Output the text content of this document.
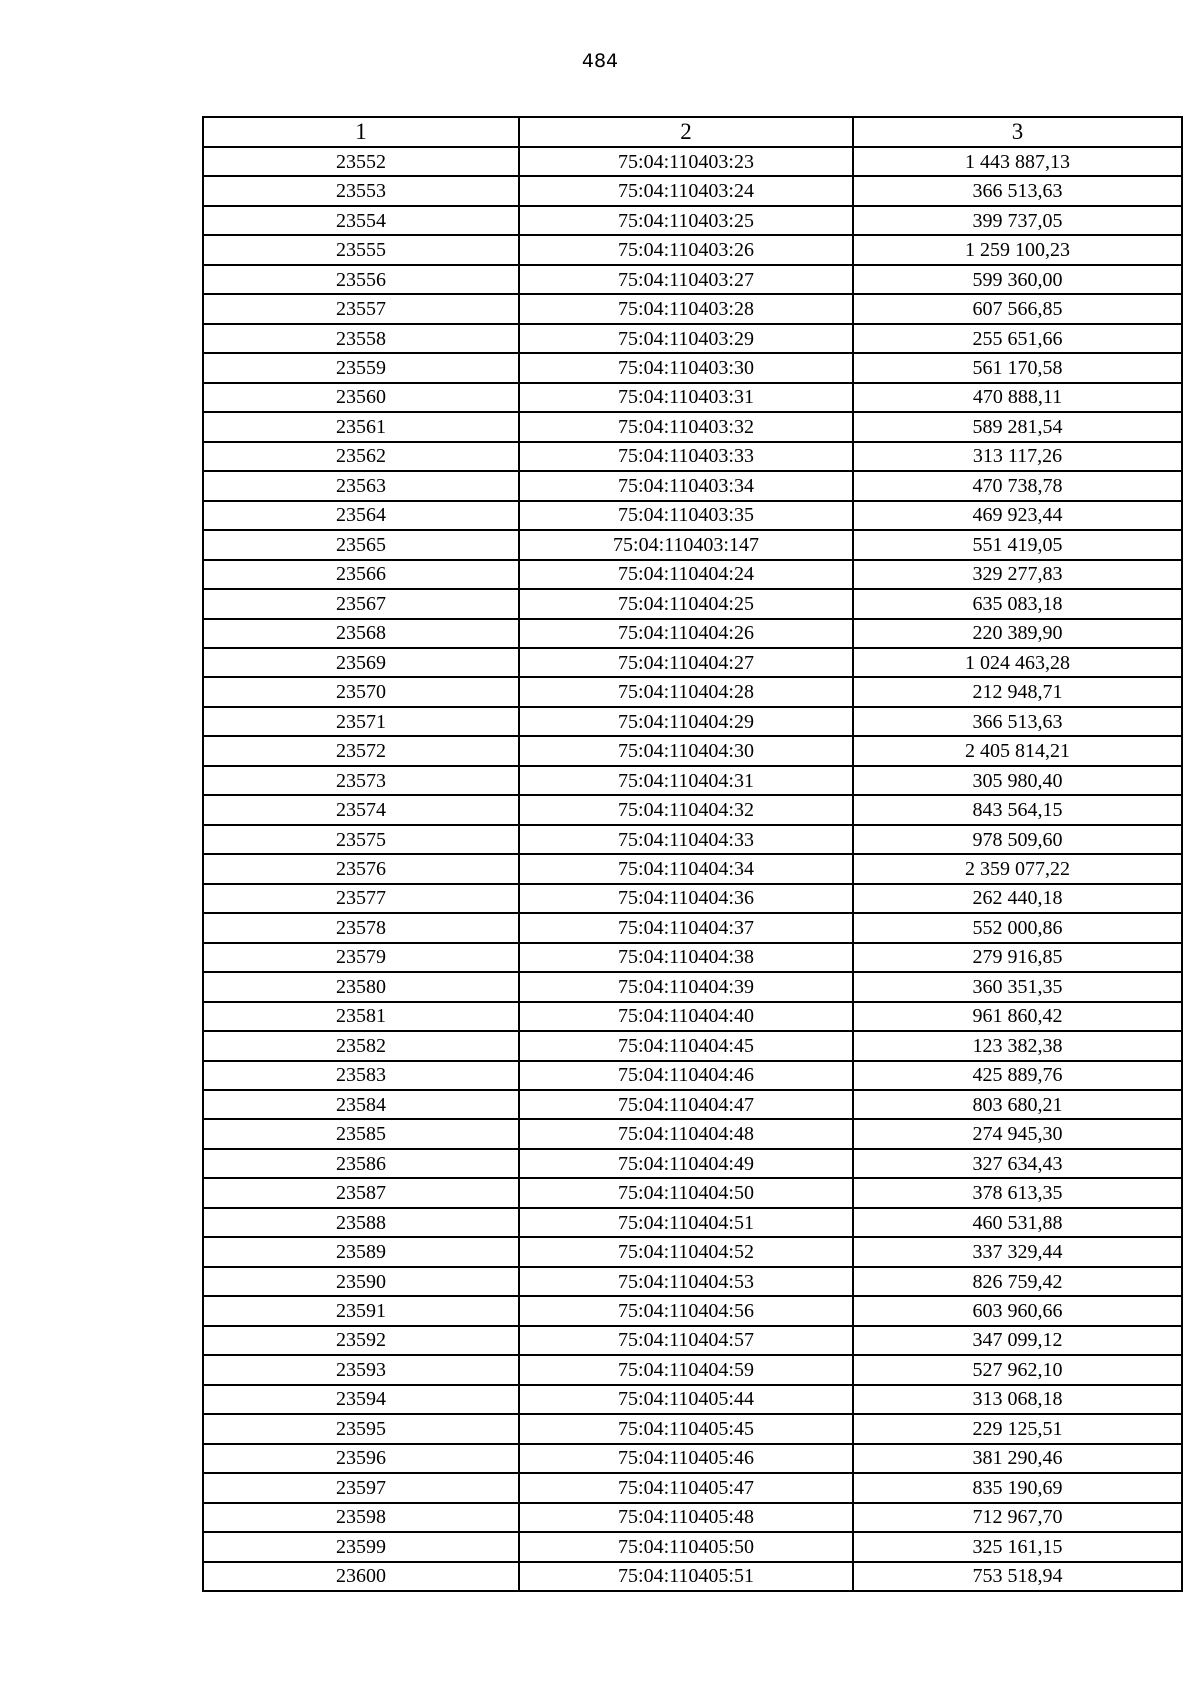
484
1	2	3
23552	75:04:110403:23	1 443 887,13
23553	75:04:110403:24	366 513,63
23554	75:04:110403:25	399 737,05
23555	75:04:110403:26	1 259 100,23
23556	75:04:110403:27	599 360,00
23557	75:04:110403:28	607 566,85
23558	75:04:110403:29	255 651,66
23559	75:04:110403:30	561 170,58
23560	75:04:110403:31	470 888,11
23561	75:04:110403:32	589 281,54
23562	75:04:110403:33	313 117,26
23563	75:04:110403:34	470 738,78
23564	75:04:110403:35	469 923,44
23565	75:04:110403:147	551 419,05
23566	75:04:110404:24	329 277,83
23567	75:04:110404:25	635 083,18
23568	75:04:110404:26	220 389,90
23569	75:04:110404:27	1 024 463,28
23570	75:04:110404:28	212 948,71
23571	75:04:110404:29	366 513,63
23572	75:04:110404:30	2 405 814,21
23573	75:04:110404:31	305 980,40
23574	75:04:110404:32	843 564,15
23575	75:04:110404:33	978 509,60
23576	75:04:110404:34	2 359 077,22
23577	75:04:110404:36	262 440,18
23578	75:04:110404:37	552 000,86
23579	75:04:110404:38	279 916,85
23580	75:04:110404:39	360 351,35
23581	75:04:110404:40	961 860,42
23582	75:04:110404:45	123 382,38
23583	75:04:110404:46	425 889,76
23584	75:04:110404:47	803 680,21
23585	75:04:110404:48	274 945,30
23586	75:04:110404:49	327 634,43
23587	75:04:110404:50	378 613,35
23588	75:04:110404:51	460 531,88
23589	75:04:110404:52	337 329,44
23590	75:04:110404:53	826 759,42
23591	75:04:110404:56	603 960,66
23592	75:04:110404:57	347 099,12
23593	75:04:110404:59	527 962,10
23594	75:04:110405:44	313 068,18
23595	75:04:110405:45	229 125,51
23596	75:04:110405:46	381 290,46
23597	75:04:110405:47	835 190,69
23598	75:04:110405:48	712 967,70
23599	75:04:110405:50	325 161,15
23600	75:04:110405:51	753 518,94
